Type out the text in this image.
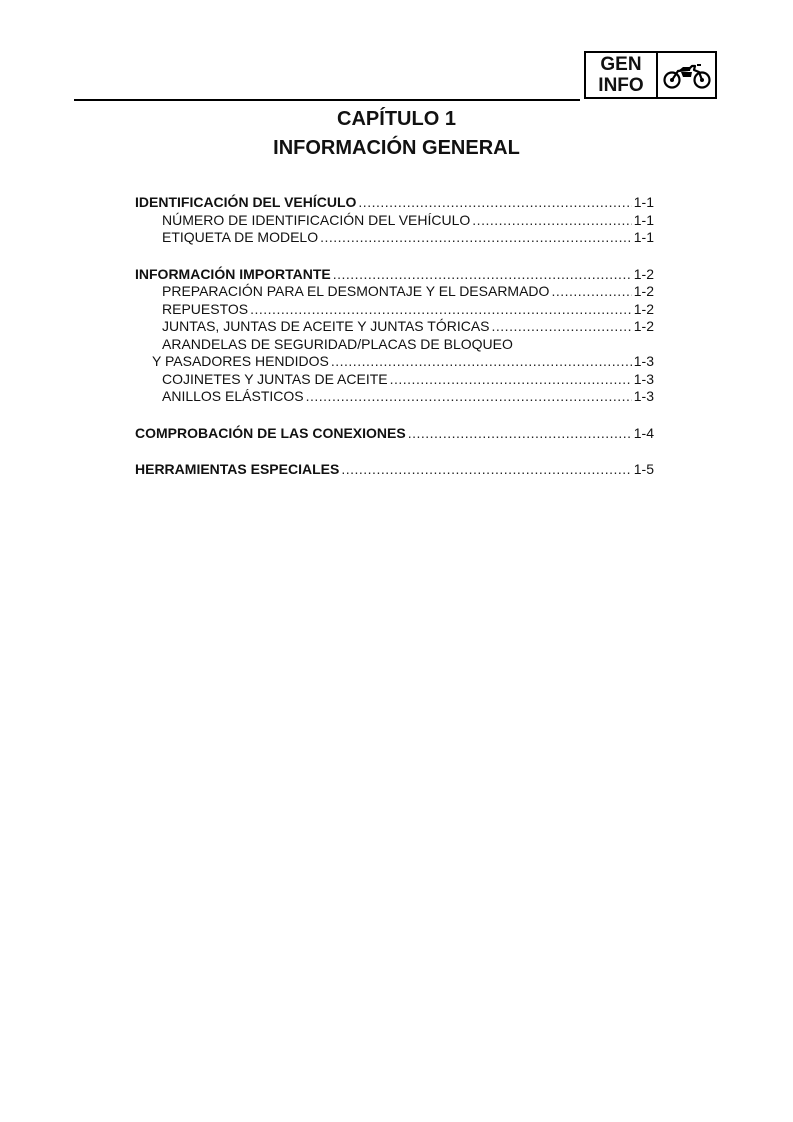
GEN
INFO
CAPÍTULO 1
INFORMACIÓN GENERAL
IDENTIFICACIÓN DEL VEHÍCULO .....	1-1
NÚMERO DE IDENTIFICACIÓN DEL VEHÍCULO .....	1-1
ETIQUETA DE MODELO .....	1-1
INFORMACIÓN IMPORTANTE .....	1-2
PREPARACIÓN PARA EL DESMONTAJE Y EL DESARMADO .....	1-2
REPUESTOS .....	1-2
JUNTAS, JUNTAS DE ACEITE Y JUNTAS TÓRICAS .....	1-2
ARANDELAS DE SEGURIDAD/PLACAS DE BLOQUEO
Y PASADORES HENDIDOS .....	1-3
COJINETES Y JUNTAS DE ACEITE .....	1-3
ANILLOS ELÁSTICOS .....	1-3
COMPROBACIÓN DE LAS CONEXIONES .....	1-4
HERRAMIENTAS ESPECIALES .....	1-5
